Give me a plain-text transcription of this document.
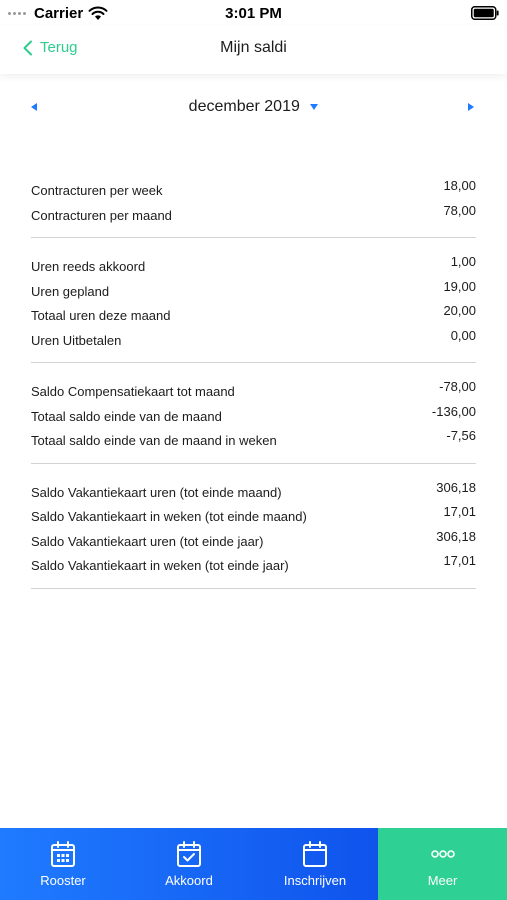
Carrier	3:01 PM
Terug	Mijn saldi
december 2019
Contracturen per week	18,00
Contracturen per maand	78,00
Uren reeds akkoord	1,00
Uren gepland	19,00
Totaal uren deze maand	20,00
Uren Uitbetalen	0,00
Saldo Compensatiekaart tot maand	-78,00
Totaal saldo einde van de maand	-136,00
Totaal saldo einde van de maand in weken	-7,56
Saldo Vakantiekaart uren (tot einde maand)	306,18
Saldo Vakantiekaart in weken (tot einde maand)	17,01
Saldo Vakantiekaart uren (tot einde jaar)	306,18
Saldo Vakantiekaart in weken (tot einde jaar)	17,01
Rooster	Akkoord	Inschrijven	Meer
